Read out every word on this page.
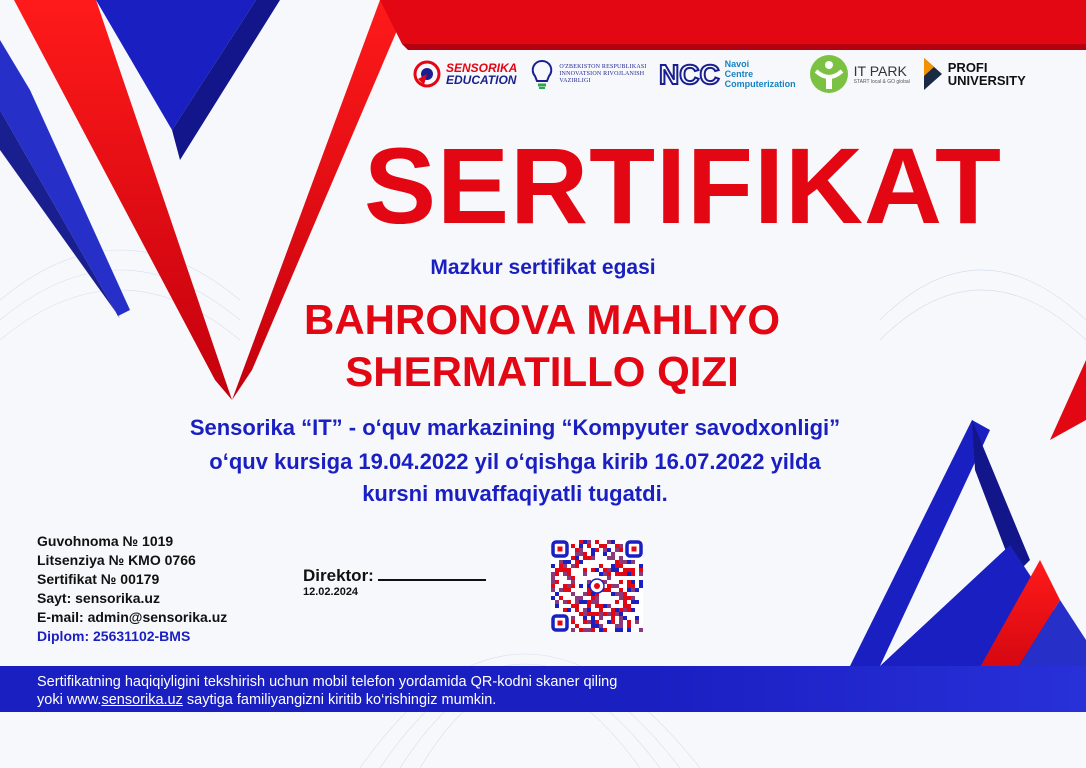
SENSORIKA
EDUCATION
O'ZBEKISTON RESPUBLIKASI
INNOVATSION RIVOJLANISH
VAZIRLIGI	NCC Navoi
Centre
Computerization
IT PARK
START local & GO global
PROFI
UNIVERSITY
SERTIFIKAT
Mazkur sertifikat egasi
BAHRONOVA MAHLIYO
SHERMATILLO QIZI
Sensorika “IT” - o‘quv markazining “Kompyuter savodxonligi”
o‘quv kursiga 19.04.2022 yil o‘qishga kirib 16.07.2022 yilda
kursni muvaffaqiyatli tugatdi.
Guvohnoma № 1019
Litsenziya № KMO 0766
Sertifikat № 00179
Sayt: sensorika.uz
E-mail: admin@sensorika.uz
Diplom: 25631102-BMS
Direktor:
12.02.2024
Sertifikatning haqiqiyligini tekshirish uchun mobil telefon yordamida QR-kodni skaner qiling
yoki www.sensorika.uz saytiga familiyangizni kiritib ko‘rishingiz mumkin.
